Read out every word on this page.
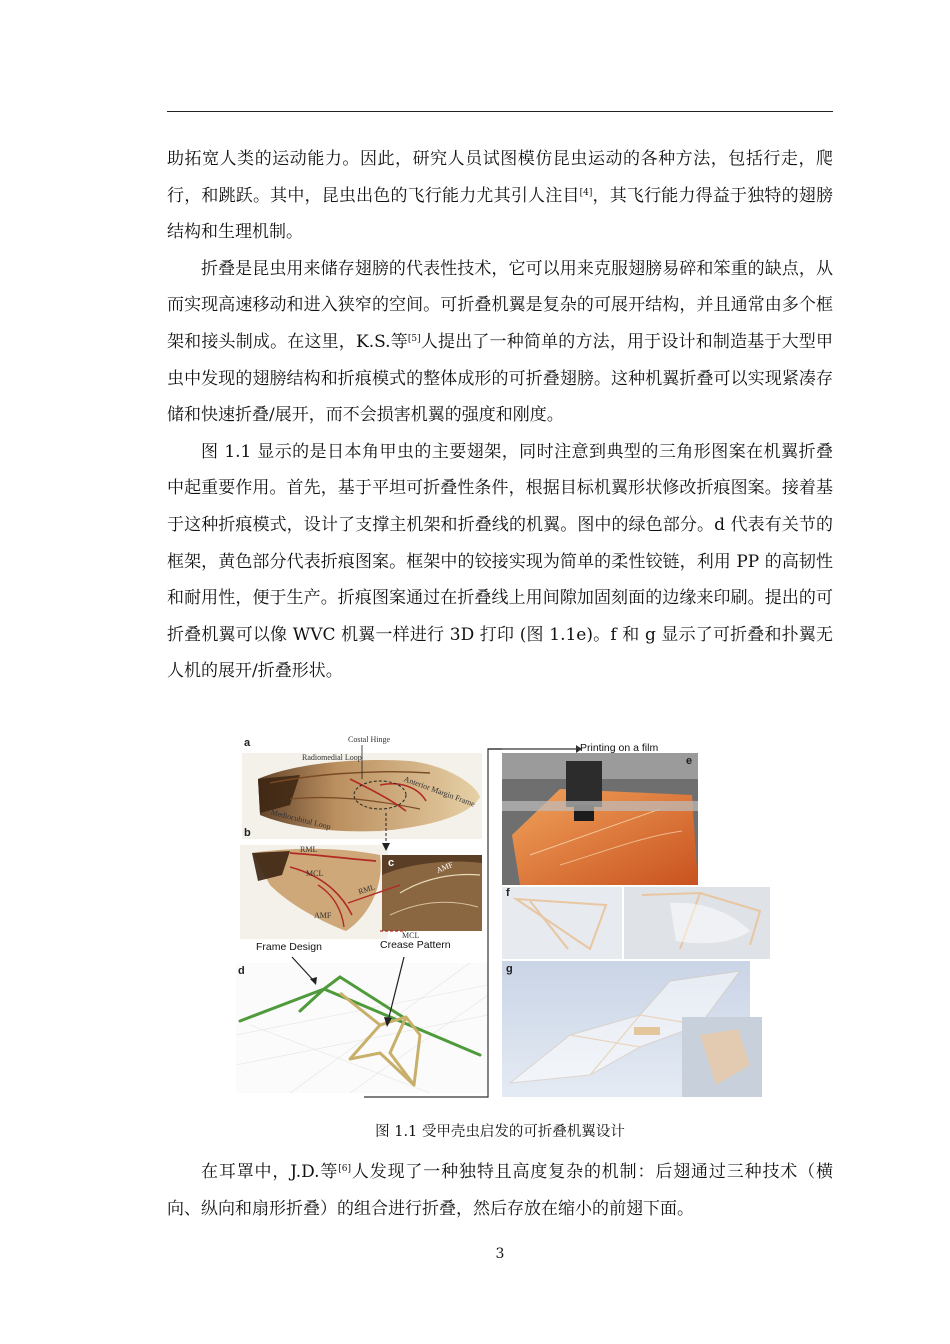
助拓宽人类的运动能力。因此，研究人员试图模仿昆虫运动的各种方法，包括行走，爬行，和跳跃。其中，昆虫出色的飞行能力尤其引人注目[4]，其飞行能力得益于独特的翅膀结构和生理机制。

折叠是昆虫用来储存翅膀的代表性技术，它可以用来克服翅膀易碎和笨重的缺点，从而实现高速移动和进入狭窄的空间。可折叠机翼是复杂的可展开结构，并且通常由多个框架和接头制成。在这里，K.S.等[5]人提出了一种简单的方法，用于设计和制造基于大型甲虫中发现的翅膀结构和折痕模式的整体成形的可折叠翅膀。这种机翼折叠可以实现紧凑存储和快速折叠/展开，而不会损害机翼的强度和刚度。

图 1.1 显示的是日本角甲虫的主要翅架，同时注意到典型的三角形图案在机翼折叠中起重要作用。首先，基于平坦可折叠性条件，根据目标机翼形状修改折痕图案。接着基于这种折痕模式，设计了支撑主机架和折叠线的机翼。图中的绿色部分。d 代表有关节的框架，黄色部分代表折痕图案。框架中的铰接实现为简单的柔性铰链，利用 PP 的高韧性和耐用性，便于生产。折痕图案通过在折叠线上用间隙加固刻面的边缘来印刷。提出的可折叠机翼可以像 WVC 机翼一样进行 3D 打印 (图 1.1e)。f 和 g 显示了可折叠和扑翼无人机的展开/折叠形状。

a
b
c
d
e
f
g
Costal Hinge
Radiomedial Loop
Mediocubital Loop
Anterior Margin Frame
RML
MCL
AMF
RML
AMF
MCL
Frame Design	Crease Pattern
Printing on a film
图 1.1 受甲壳虫启发的可折叠机翼设计

在耳罩中，J.D.等[6]人发现了一种独特且高度复杂的机制：后翅通过三种技术（横向、纵向和扇形折叠）的组合进行折叠，然后存放在缩小的前翅下面。

3
